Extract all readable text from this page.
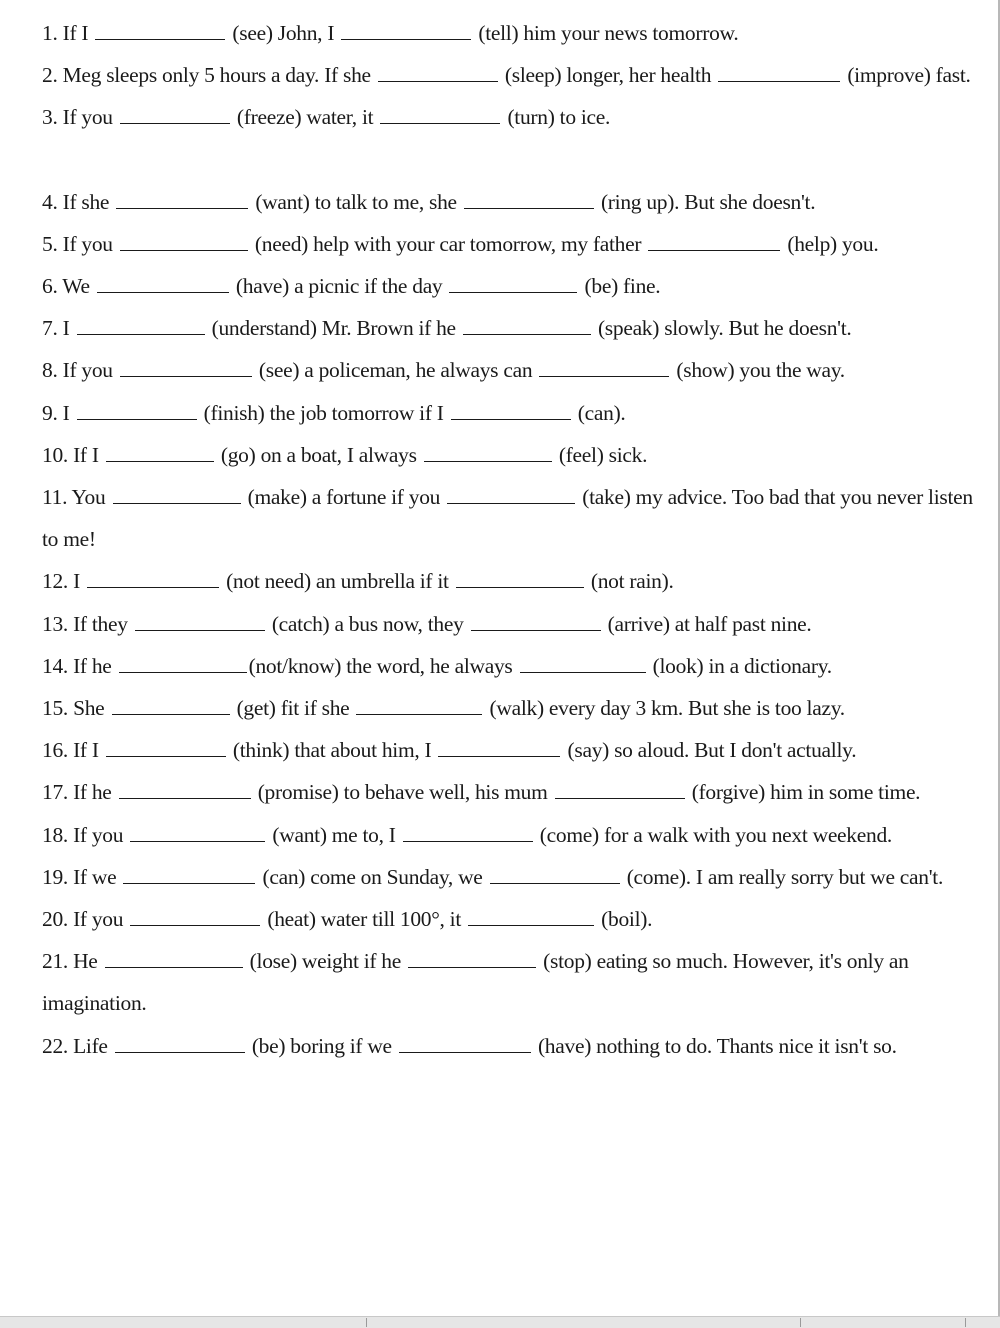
1. If I	(see) John, I	(tell) him your news tomorrow.

2. Meg sleeps only 5 hours a day. If she	(sleep) longer, her health	(improve) fast.

3. If you	(freeze) water, it	(turn) to ice.

4. If she	(want) to talk to me, she	(ring up). But she doesn't.

5. If you	(need) help with your car tomorrow, my father	(help) you.

6. We	(have) a picnic if the day	(be) fine.

7. I	(understand) Mr. Brown if he	(speak) slowly. But he doesn't.

8. If you	(see) a policeman, he always can	(show) you the way.

9. I	(finish) the job tomorrow if I	(can).

10. If I	(go) on a boat, I always	(feel) sick.

11. You	(make) a fortune if you	(take) my advice. Too bad that you never listen to me!

12. I	(not need) an umbrella if it	(not rain).

13. If they	(catch) a bus now, they	(arrive) at half past nine.

14. If he	(not/know) the word, he always	(look) in a dictionary.

15. She	(get) fit if she	(walk) every day 3 km. But she is too lazy.

16. If I	(think) that about him, I	(say) so aloud. But I don't actually.

17. If he	(promise) to behave well, his mum	(forgive) him in some time.

18. If you	(want) me to, I	(come) for a walk with you next weekend.

19. If we	(can) come on Sunday, we	(come). I am really sorry but we can't.

20. If you	(heat) water till 100°, it	(boil).

21. He	(lose) weight if he	(stop) eating so much. However, it's only an imagination.

22. Life	(be) boring if we	(have) nothing to do. Thants nice it isn't so.
